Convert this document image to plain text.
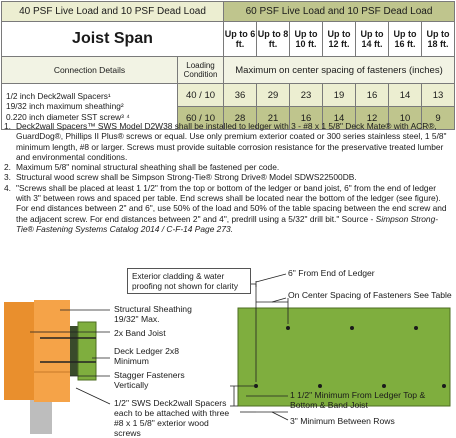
40 PSF Live Load and 10 PSF Dead Load		60 PSF Live Load and 10 PSF Dead Load						
Joist Span		Up to 6 ft.	Up to 8 ft.	Up to 10 ft.	Up to 12 ft.	Up to 14 ft.	Up to 16 ft.	Up to 18 ft.
Connection Details	Loading Condition	Maximum on center spacing of fasteners (inches)						

1/2 inch Deck2wall Spacers¹
19/32 inch maximum sheathing²
0.220 inch diameter SST screw³ ⁴	40 / 10	36	29	23	19	16	14	13
	60 / 10	28	21	16	14	12	10	9
1. Deck2wall Spacers™ SWS Model D2W38 shall be installed to ledger with 3 - #8 x 1 5/8" Deck Mate® with ACR®, GuardDog®, Phillips II Plus® screws or equal. Use only premium exterior coated or 300 series stainless steel, 1 5/8" minimum length, #8 or larger. Screws must provide suitable corrosion resistance for the preservative treated lumber and environmental conditions.
2. Maximum 5/8" nominal structural sheathing shall be fastened per code.
3. Structural wood screw shall be Simpson Strong-Tie® Strong Drive® Model SDWS22500DB.
4. "Screws shall be placed at least 1 1/2" from the top or bottom of the ledger or band joist, 6" from the end of ledger with 3" between rows and spaced per table. End screws shall be located near the bottom of the ledger (see figure). For end distances between 2" and 6", use 50% of the load and 50% of the table spacing between the end screw and the adjacent screw. For end distances between 2" and 4", predrill using a 5/32" drill bit." Source - Simpson Strong-Tie® Fastening Systems Catalog 2014 / C-F-14 Page 273.
Exterior cladding & water proofing not shown for clarity
Structural Sheathing 19/32" Max.
2x Band Joist
Deck Ledger 2x8 Minimum
Stagger Fasteners Vertically
1/2" SWS Deck2wall Spacers each to be attached with three #8 x 1 5/8" exterior wood screws
6" From End of Ledger
On Center Spacing of Fasteners See Table
1 1/2" Minimum From Ledger Top & Bottom & Band Joist
3" Minimum Between Rows
